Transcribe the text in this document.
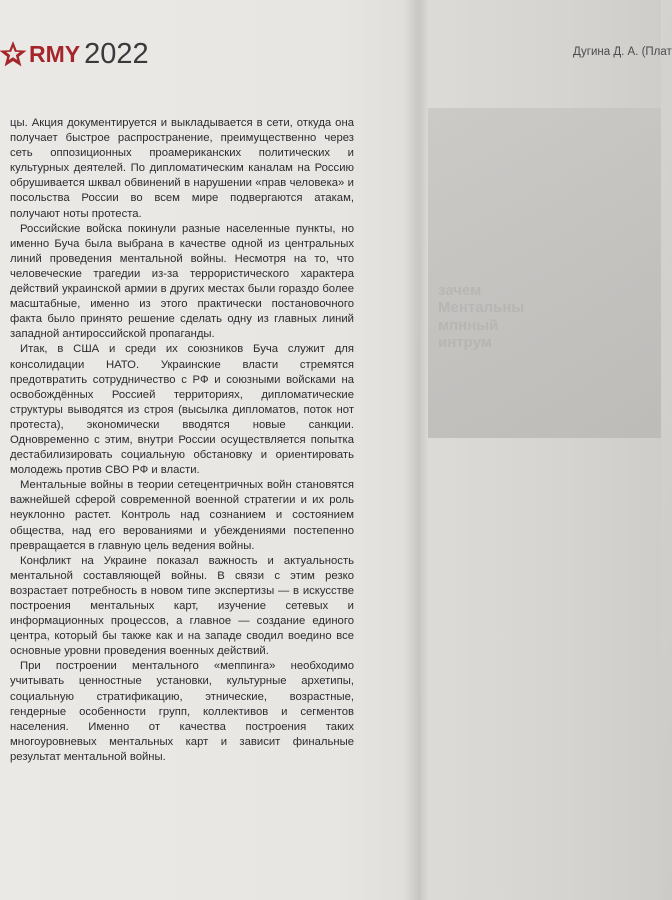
зачем
Ментальны
мпнный
интрум
RMY 2022	Дугина Д. А. (Плат

цы. Акция документируется и выкладывается в сети, откуда она получает быстрое распространение, преимущественно через сеть оппозиционных проамериканских политических и культурных деятелей. По дипломатическим каналам на Россию обрушивается шквал обвинений в нарушении «прав человека» и посольства России во всем мире подвергаются атакам, получают ноты протеста.

Российские войска покинули разные населенные пункты, но именно Буча была выбрана в качестве одной из центральных линий проведения ментальной войны. Несмотря на то, что человеческие трагедии из-за террористического характера действий украинской армии в других местах были гораздо более масштабные, именно из этого практически постановочного факта было принято решение сделать одну из главных линий западной антироссийской пропаганды.

Итак, в США и среди их союзников Буча служит для консолидации НАТО. Украинские власти стремятся предотвратить сотрудничество с РФ и союзными войсками на освобождённых Россией территориях, дипломатические структуры выводятся из строя (высылка дипломатов, поток нот протеста), экономически вводятся новые санкции. Одновременно с этим, внутри России осуществляется попытка дестабилизировать социальную обстановку и ориентировать молодежь против СВО РФ и власти.

Ментальные войны в теории сетецентричных войн становятся важнейшей сферой современной военной стратегии и их роль неуклонно растет. Контроль над сознанием и состоянием общества, над его верованиями и убеждениями постепенно превращается в главную цель ведения войны.

Конфликт на Украине показал важность и актуальность ментальной составляющей войны. В связи с этим резко возрастает потребность в новом типе экспертизы — в искусстве построения ментальных карт, изучение сетевых и информационных процессов, а главное — создание единого центра, который бы также как и на западе сводил воедино все основные уровни проведения военных действий.

При построении ментального «меппинга» необходимо учитывать ценностные установки, культурные архетипы, социальную стратификацию, этнические, возрастные, гендерные особенности групп, коллективов и сегментов населения. Именно от качества построения таких многоуровневых ментальных карт и зависит финальные результат ментальной войны.
